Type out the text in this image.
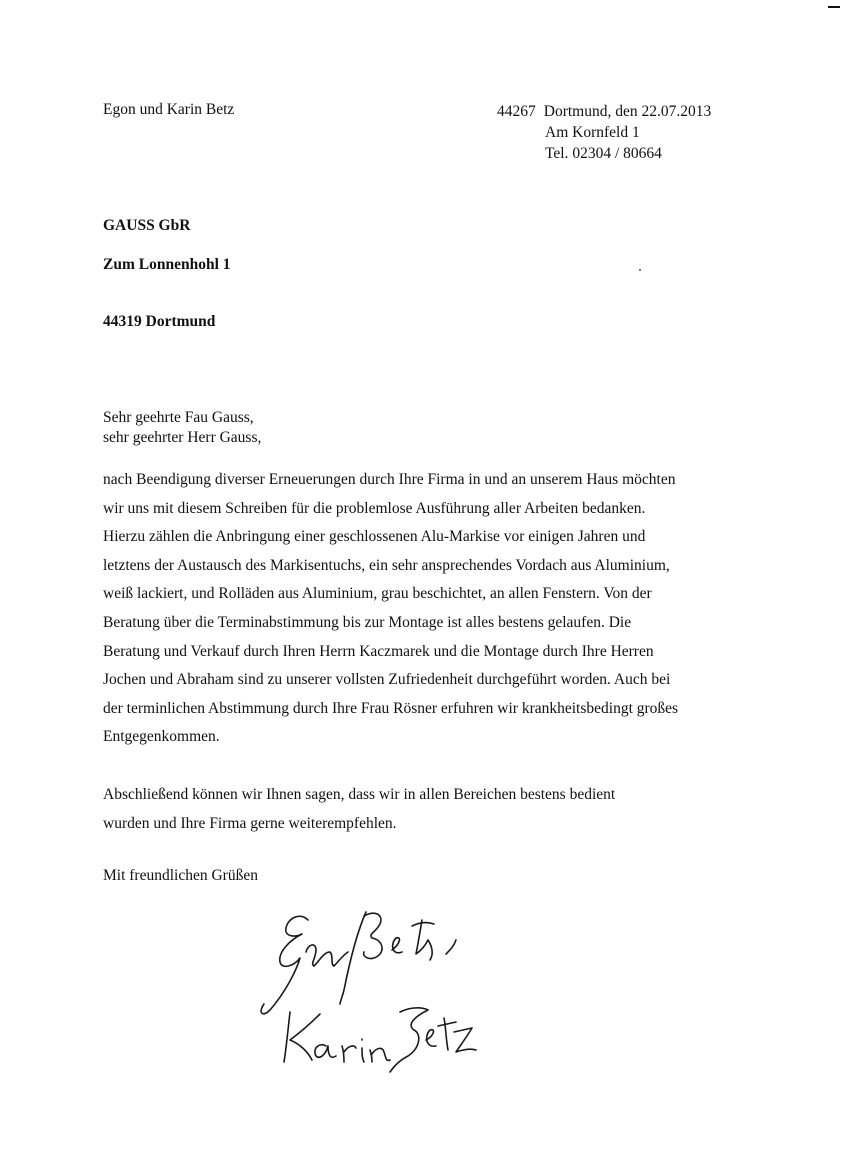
Egon und Karin Betz	44267 Dortmund, den 22.07.2013
Am Kornfeld 1
Tel. 02304 / 80664
GAUSS GbR
Zum Lonnenhohl 1
44319 Dortmund
Sehr geehrte Fau Gauss,
sehr geehrter Herr Gauss,
nach Beendigung diverser Erneuerungen durch Ihre Firma in und an unserem Haus möchten
wir uns mit diesem Schreiben für die problemlose Ausführung aller Arbeiten bedanken.
Hierzu zählen die Anbringung einer geschlossenen Alu-Markise vor einigen Jahren und
letztens der Austausch des Markisentuchs, ein sehr ansprechendes Vordach aus Aluminium,
weiß lackiert, und Rolläden aus Aluminium, grau beschichtet, an allen Fenstern. Von der
Beratung über die Terminabstimmung bis zur Montage ist alles bestens gelaufen. Die
Beratung und Verkauf durch Ihren Herrn Kaczmarek und die Montage durch Ihre Herren
Jochen und Abraham sind zu unserer vollsten Zufriedenheit durchgeführt worden. Auch bei
der terminlichen Abstimmung durch Ihre Frau Rösner erfuhren wir krankheitsbedingt großes
Entgegenkommen.
Abschließend können wir Ihnen sagen, dass wir in allen Bereichen bestens bedient
wurden und Ihre Firma gerne weiterempfehlen.
Mit freundlichen Grüßen
